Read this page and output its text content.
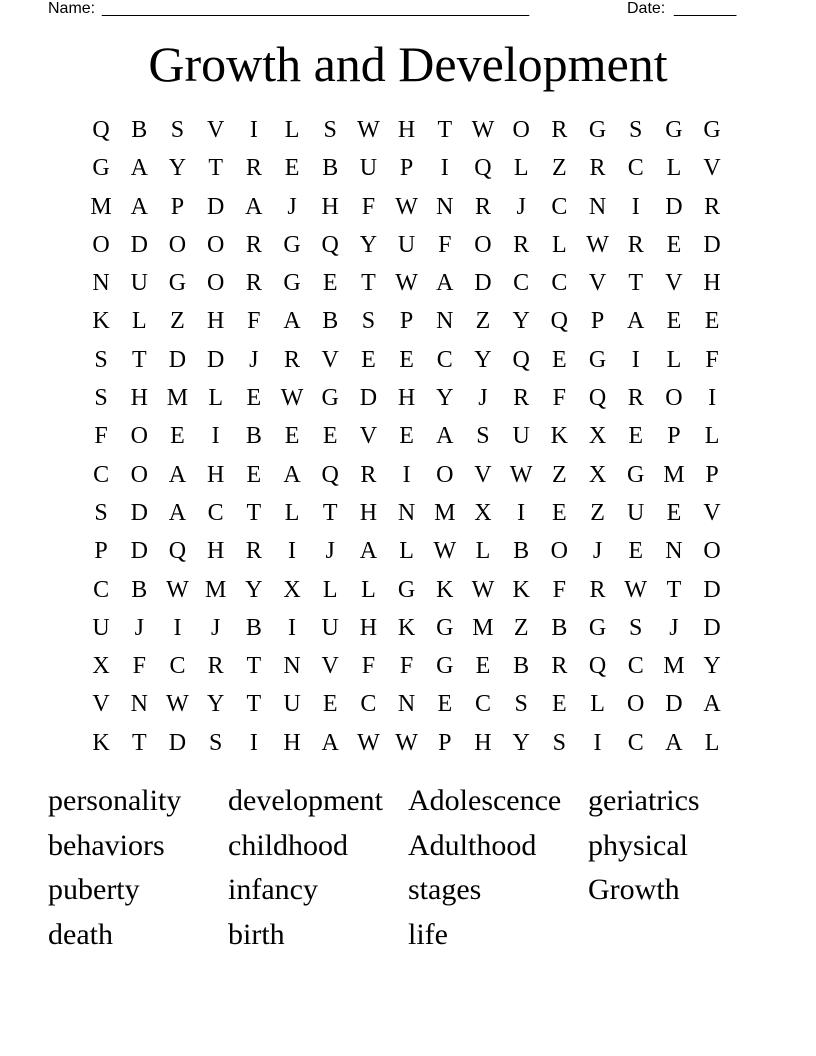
Name: ________________________________________________	Date: _______
Growth and Development
Q B S V	I	L	S W H T W O R G S G G
G A Y T R E B U P	I	Q L Z R C L V
M A P D A	J	H F W N R	J	C N	I	D R
O D O O R G Q Y U F O R L W R E D
N U G O R G E T W A D C C V T V H
K L Z H F A B S	P N Z Y Q P A E E
S	T D D	J	R V E E C Y Q E G	I	L	F
S H M L E W G D H Y	J	R F Q R O	I
F O E	I	B E E V E A S U K X E	P	L
C O A H E A Q R	I	O V W Z X G M P
S D A C T L T H N M X	I	E Z U E V
P D Q H R	I	J	A L W L B O	J	E N O
C B W M Y X L L G K W K F R W T D
U	J	I	J	B	I	U H K G M Z B G S	J	D
X F C R T N V F	F G E B R Q C M Y
V N W Y T U E C N E C S	E L O D A
K T D S	I	H A W W P H Y S	I	C A L
personality	development Adolescence geriatrics
behaviors	childhood	Adulthood	physical
puberty	infancy	stages	Growth
death	birth	life
